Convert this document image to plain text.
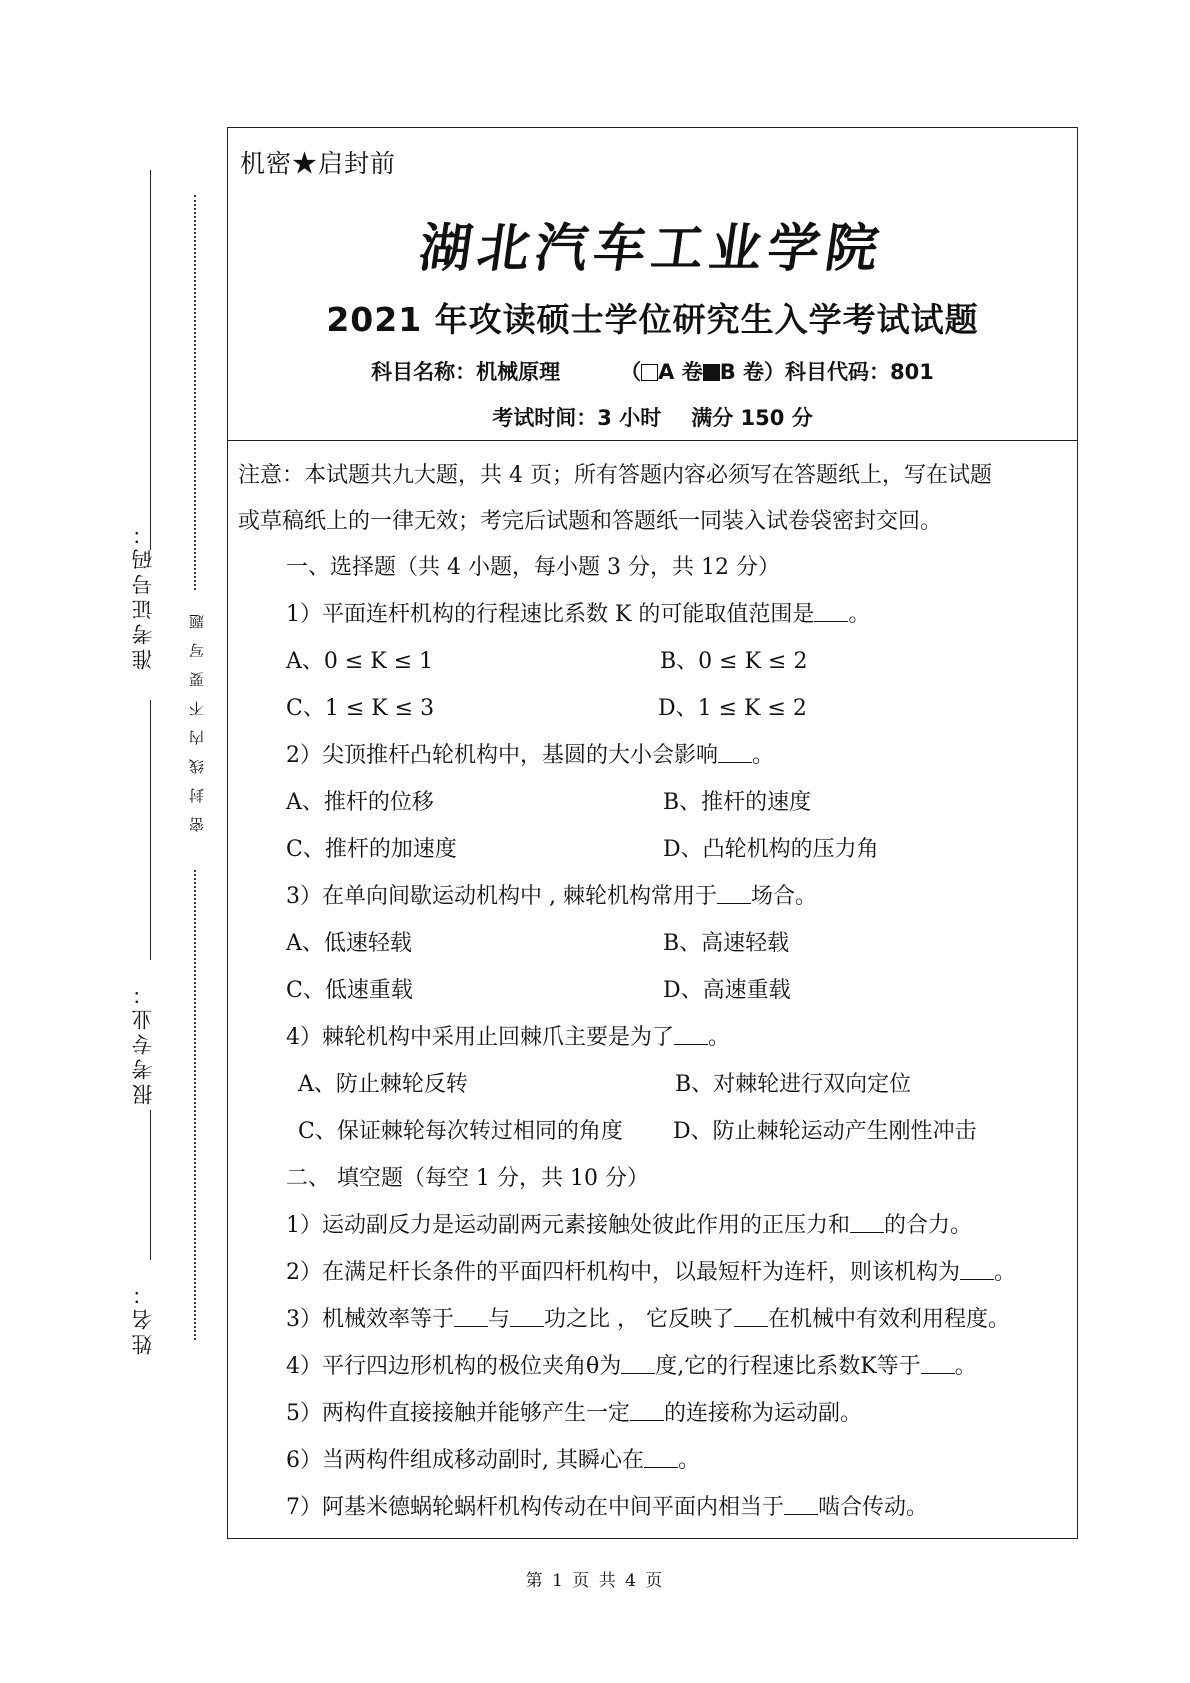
准考证号码：
报考专业：
姓名：
密封线内不要写题
机密★启封前
湖北汽车工业学院
2021 年攻读硕士学位研究生入学考试试题
科目名称：机械原理	（ A 卷 B 卷）科目代码：801
考试时间：3 小时 满分 150 分
注意：本试题共九大题，共 4 页；所有答题内容必须写在答题纸上，写在试题
或草稿纸上的一律无效；考完后试题和答题纸一同装入试卷袋密封交回。
一、选择题（共 4 小题，每小题 3 分，共 12 分）
1）平面连杆机构的行程速比系数 K 的可能取值范围是 。
A、0 ≤ K ≤ 1	B、0 ≤ K ≤ 2
C、1 ≤ K ≤ 3	D、1 ≤ K ≤ 2
2）尖顶推杆凸轮机构中，基圆的大小会影响 。
A、推杆的位移	B、推杆的速度
C、推杆的加速度	D、凸轮机构的压力角
3）在单向间歇运动机构中 , 棘轮机构常用于 场合。
A、低速轻载	B、高速轻载
C、低速重载	D、高速重载
4）棘轮机构中采用止回棘爪主要是为了 。
A、防止棘轮反转	B、对棘轮进行双向定位
C、保证棘轮每次转过相同的角度 D、防止棘轮运动产生刚性冲击
二、 填空题（每空 1 分，共 10 分）
1）运动副反力是运动副两元素接触处彼此作用的正压力和 的合力。
2）在满足杆长条件的平面四杆机构中，以最短杆为连杆，则该机构为 。
3）机械效率等于 与 功之比 ， 它反映了 在机械中有效利用程度。
4）平行四边形机构的极位夹角θ为 度,它的行程速比系数K等于 。
5）两构件直接接触并能够产生一定 的连接称为运动副。
6）当两构件组成移动副时, 其瞬心在 。
7）阿基米德蜗轮蜗杆机构传动在中间平面内相当于 啮合传动。
第 1 页 共 4 页
